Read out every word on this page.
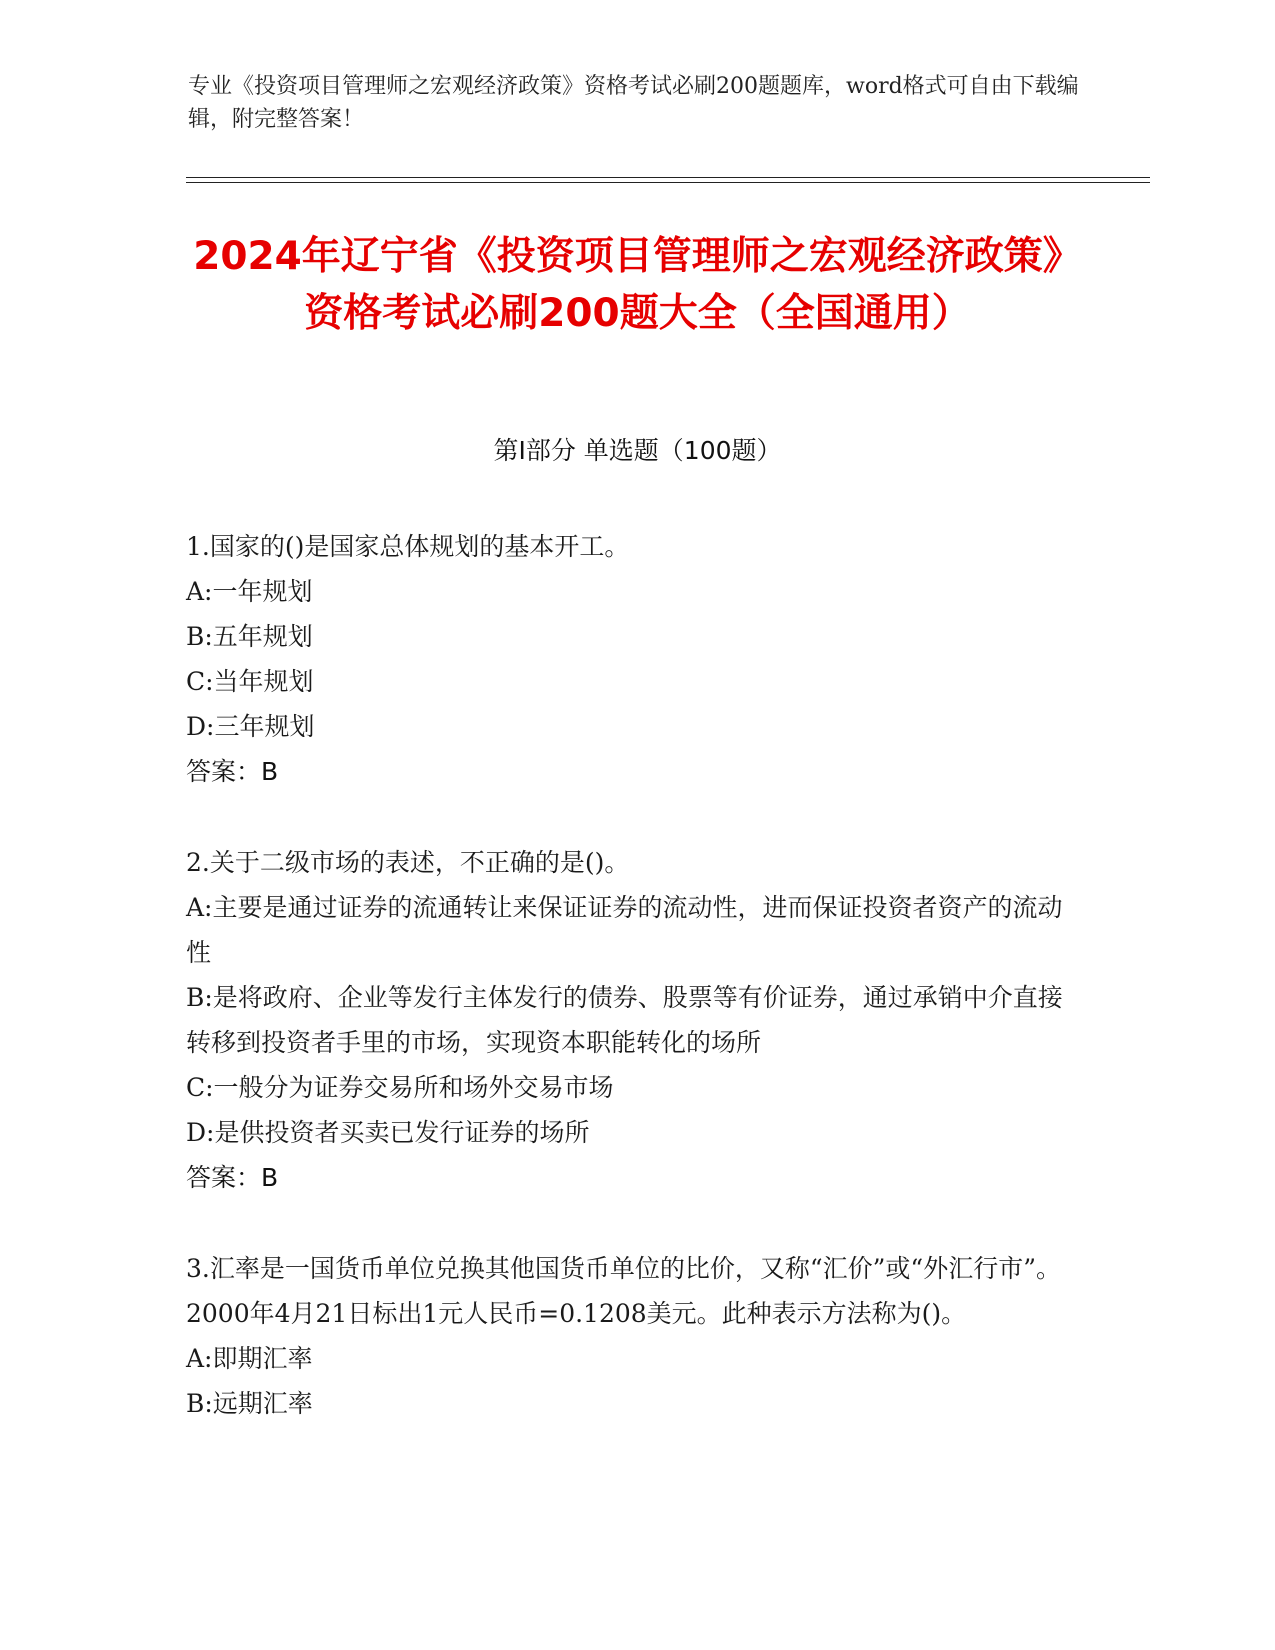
专业《投资项目管理师之宏观经济政策》资格考试必刷200题题库，word格式可自由下载编辑，附完整答案！
2024年辽宁省《投资项目管理师之宏观经济政策》资格考试必刷200题大全（全国通用）
第I部分 单选题（100题）
1.国家的()是国家总体规划的基本开工。
A:一年规划
B:五年规划
C:当年规划
D:三年规划
答案：B
2.关于二级市场的表述，不正确的是()。
A:主要是通过证券的流通转让来保证证券的流动性，进而保证投资者资产的流动性
B:是将政府、企业等发行主体发行的债券、股票等有价证券，通过承销中介直接转移到投资者手里的市场，实现资本职能转化的场所
C:一般分为证券交易所和场外交易市场
D:是供投资者买卖已发行证券的场所
答案：B
3.汇率是一国货币单位兑换其他国货币单位的比价，又称“汇价”或“外汇行市”。2000年4月21日标出1元人民币=0.1208美元。此种表示方法称为()。
A:即期汇率
B:远期汇率
